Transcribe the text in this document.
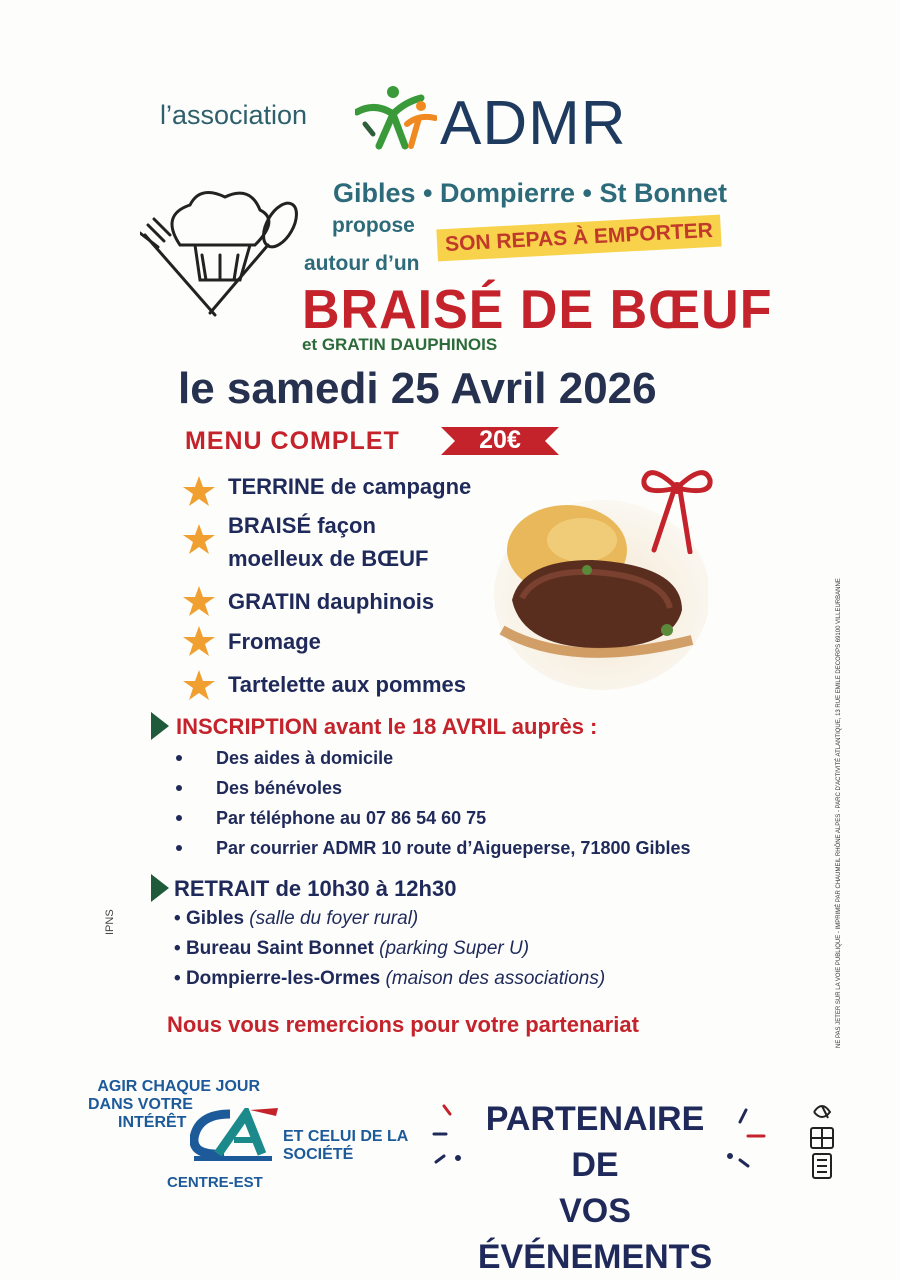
l’association ADMR
Gibles • Dompierre • St Bonnet
propose	SON REPAS À EMPORTER
autour d’un
BRAISÉ DE BŒUF
et GRATIN DAUPHINOIS
le samedi 25 Avril 2026
MENU COMPLET	20€
TERRINE de campagne
BRAISÉ façon
moelleux de BŒUF
GRATIN dauphinois
Fromage
Tartelette aux pommes
INSCRIPTION avant le 18 AVRIL auprès :
Des aides à domicile
Des bénévoles
Par téléphone au 07 86 54 60 75
Par courrier ADMR 10 route d’Aigueperse, 71800 Gibles
RETRAIT de 10h30 à 12h30
• Gibles (salle du foyer rural)
• Bureau Saint Bonnet (parking Super U)
• Dompierre-les-Ormes (maison des associations)
Nous vous remercions pour votre partenariat
IPNS	NE PAS JETER SUR LA VOIE PUBLIQUE - IMPRIMÉ PAR CHAUMEIL RHÔNE ALPES - PARC D’ACTIVITÉ ATLANTIQUE, 13 RUE EMILE DECORPS 69100 VILLEURBANNE
AGIR CHAQUE JOUR
DANS VOTRE
INTÉRÊT
ET CELUI DE LA
SOCIÉTÉ
CENTRE-EST
PARTENAIRE DE
VOS ÉVÉNEMENTS
